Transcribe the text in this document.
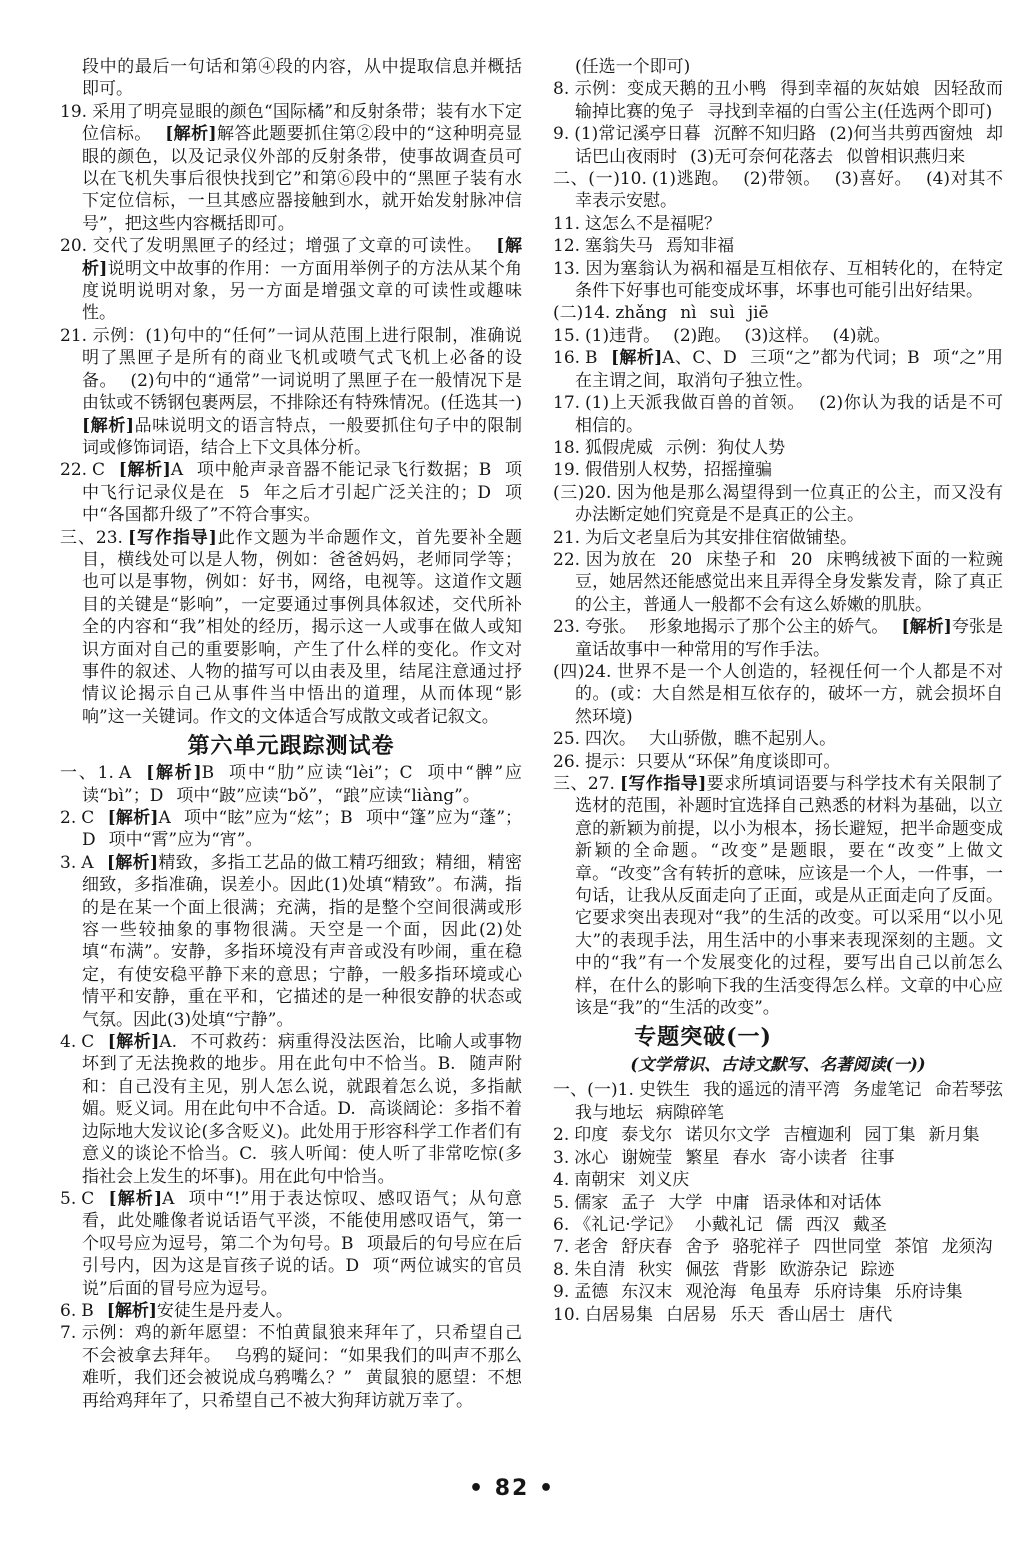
段中的最后一句话和第④段的内容，从中提取信息并概括即可。
19. 采用了明亮显眼的颜色“国际橘”和反射条带；装有水下定位信标。 [解析]解答此题要抓住第②段中的“这种明亮显眼的颜色，以及记录仪外部的反射条带，使事故调查员可以在飞机失事后很快找到它”和第⑥段中的“黑匣子装有水下定位信标，一旦其感应器接触到水，就开始发射脉冲信号”，把这些内容概括即可。
20. 交代了发明黑匣子的经过；增强了文章的可读性。 [解析]说明文中故事的作用：一方面用举例子的方法从某个角度说明说明对象，另一方面是增强文章的可读性或趣味性。
21. 示例：(1)句中的“任何”一词从范围上进行限制，准确说明了黑匣子是所有的商业飞机或喷气式飞机上必备的设备。 (2)句中的“通常”一词说明了黑匣子在一般情况下是由钛或不锈钢包裹两层，不排除还有特殊情况。(任选其一) [解析]品味说明文的语言特点，一般要抓住句子中的限制词或修饰词语，结合上下文具体分析。
22. C [解析]A 项中舱声录音器不能记录飞行数据；B 项中飞行记录仪是在 5 年之后才引起广泛关注的；D 项中“各国都升级了”不符合事实。
三、23. [写作指导]此作文题为半命题作文，首先要补全题目，横线处可以是人物，例如：爸爸妈妈，老师同学等；也可以是事物，例如：好书，网络，电视等。这道作文题目的关键是“影响”，一定要通过事例具体叙述，交代所补全的内容和“我”相处的经历，揭示这一人或事在做人或知识方面对自己的重要影响，产生了什么样的变化。作文对事件的叙述、人物的描写可以由表及里，结尾注意通过抒情议论揭示自己从事件当中悟出的道理，从而体现“影响”这一关键词。作文的文体适合写成散文或者记叙文。
第六单元跟踪测试卷
一、1. A [解析]B 项中“肋”应读“lèi”；C 项中“髀”应读“bì”；D 项中“跛”应读“bǒ”，“踉”应读“liàng”。
2. C [解析]A 项中“眩”应为“炫”；B 项中“篷”应为“蓬”；D 项中“霄”应为“宵”。
3. A [解析]精致，多指工艺品的做工精巧细致；精细，精密细致，多指准确，误差小。因此(1)处填“精致”。布满，指的是在某一个面上很满；充满，指的是整个空间很满或形容一些较抽象的事物很满。天空是一个面，因此(2)处填“布满”。安静，多指环境没有声音或没有吵闹，重在稳定，有使安稳平静下来的意思；宁静，一般多指环境或心情平和安静，重在平和，它描述的是一种很安静的状态或气氛。因此(3)处填“宁静”。
4. C [解析]A. 不可救药：病重得没法医治，比喻人或事物坏到了无法挽救的地步。用在此句中不恰当。B. 随声附和：自己没有主见，别人怎么说，就跟着怎么说，多指献媚。贬义词。用在此句中不合适。D. 高谈阔论：多指不着边际地大发议论(多含贬义)。此处用于形容科学工作者们有意义的谈论不恰当。C. 骇人听闻：使人听了非常吃惊(多指社会上发生的坏事)。用在此句中恰当。
5. C [解析]A 项中“!”用于表达惊叹、感叹语气；从句意看，此处雕像者说话语气平淡，不能使用感叹语气，第一个叹号应为逗号，第二个为句号。B 项最后的句号应在后引号内，因为这是盲孩子说的话。D 项“两位诚实的官员说”后面的冒号应为逗号。
6. B [解析]安徒生是丹麦人。
7. 示例：鸡的新年愿望：不怕黄鼠狼来拜年了，只希望自己不会被拿去拜年。 乌鸦的疑问：“如果我们的叫声不那么难听，我们还会被说成乌鸦嘴么？” 黄鼠狼的愿望：不想再给鸡拜年了，只希望自己不被大狗拜访就万幸了。
(任选一个即可)
8. 示例：变成天鹅的丑小鸭 得到幸福的灰姑娘 因轻敌而输掉比赛的兔子 寻找到幸福的白雪公主(任选两个即可)
9. (1)常记溪亭日暮 沉醉不知归路 (2)何当共剪西窗烛 却话巴山夜雨时 (3)无可奈何花落去 似曾相识燕归来
二、(一)10. (1)逃跑。 (2)带领。 (3)喜好。 (4)对其不幸表示安慰。
11. 这怎么不是福呢？
12. 塞翁失马 焉知非福
13. 因为塞翁认为祸和福是互相依存、互相转化的，在特定条件下好事也可能变成坏事，坏事也可能引出好结果。
(二)14. zhǎng nì suì jiē
15. (1)违背。 (2)跑。 (3)这样。 (4)就。
16. B [解析]A、C、D 三项“之”都为代词；B 项“之”用在主谓之间，取消句子独立性。
17. (1)上天派我做百兽的首领。 (2)你认为我的话是不可相信的。
18. 狐假虎威 示例：狗仗人势
19. 假借别人权势，招摇撞骗
(三)20. 因为他是那么渴望得到一位真正的公主，而又没有办法断定她们究竟是不是真正的公主。
21. 为后文老皇后为其安排住宿做铺垫。
22. 因为放在 20 床垫子和 20 床鸭绒被下面的一粒豌豆，她居然还能感觉出来且弄得全身发紫发青，除了真正的公主，普通人一般都不会有这么娇嫩的肌肤。
23. 夸张。 形象地揭示了那个公主的娇气。 [解析]夸张是童话故事中一种常用的写作手法。
(四)24. 世界不是一个人创造的，轻视任何一个人都是不对的。(或：大自然是相互依存的，破坏一方，就会损坏自然环境)
25. 四次。 大山骄傲，瞧不起别人。
26. 提示：只要从“环保”角度谈即可。
三、27. [写作指导]要求所填词语要与科学技术有关限制了选材的范围，补题时宜选择自己熟悉的材料为基础，以立意的新颖为前提，以小为根本，扬长避短，把半命题变成新颖的全命题。“改变”是题眼，要在“改变”上做文章。“改变”含有转折的意味，应该是一个人，一件事，一句话，让我从反面走向了正面，或是从正面走向了反面。它要求突出表现对“我”的生活的改变。可以采用“以小见大”的表现手法，用生活中的小事来表现深刻的主题。文中的“我”有一个发展变化的过程，要写出自己以前怎么样，在什么的影响下我的生活变得怎么样。文章的中心应该是“我”的“生活的改变”。
专题突破(一)
(文学常识、古诗文默写、名著阅读(一))
一、(一)1. 史铁生 我的遥远的清平湾 务虚笔记 命若琴弦 我与地坛 病隙碎笔
2. 印度 泰戈尔 诺贝尔文学 吉檀迦利 园丁集 新月集
3. 冰心 谢婉莹 繁星 春水 寄小读者 往事
4. 南朝宋 刘义庆
5. 儒家 孟子 大学 中庸 语录体和对话体
6. 《礼记·学记》 小戴礼记 儒 西汉 戴圣
7. 老舍 舒庆春 舍予 骆驼祥子 四世同堂 茶馆 龙须沟
8. 朱自清 秋实 佩弦 背影 欧游杂记 踪迹
9. 孟德 东汉末 观沧海 龟虽寿 乐府诗集 乐府诗集
10. 白居易集 白居易 乐天 香山居士 唐代
• 82 •
